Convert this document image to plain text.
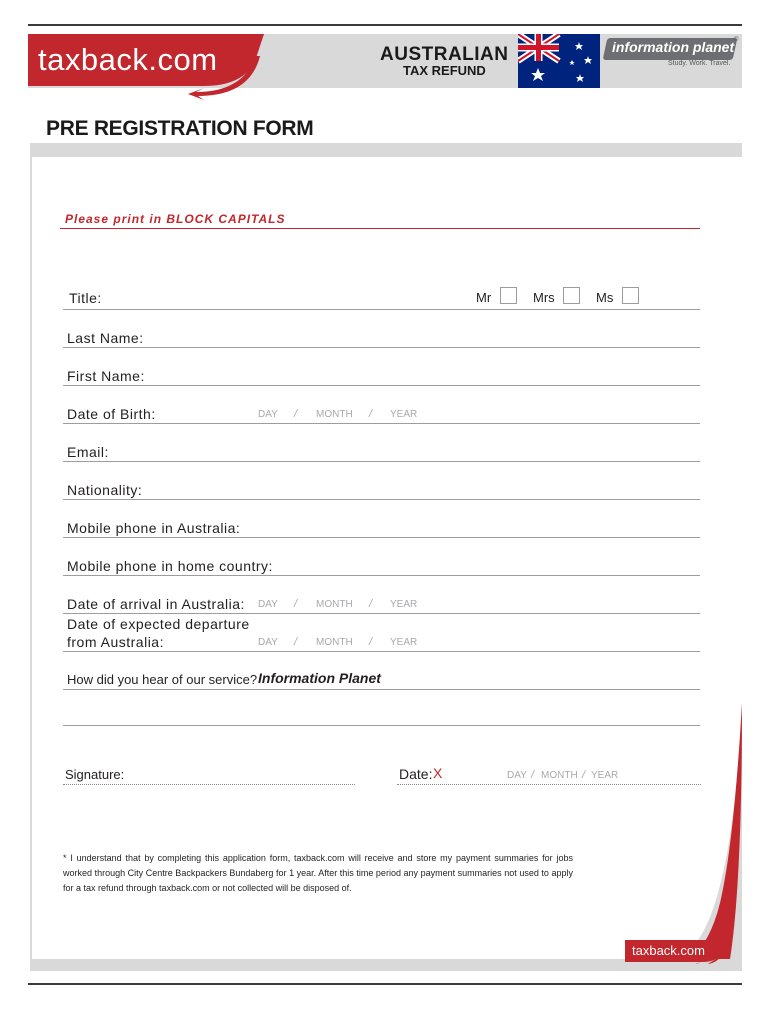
taxback.com	AUSTRALIAN
TAX REFUND
information planet
Study. Work. Travel.
®
PRE REGISTRATION FORM
Please print in BLOCK CAPITALS
Title:	Mr	Mrs	Ms
Last Name:
First Name:
Date of Birth:	DAY / MONTH / YEAR
Email:
Nationality:
Mobile phone in Australia:
Mobile phone in home country:
Date of arrival in Australia: DAY / MONTH / YEAR
Date of expected departure
from Australia:	DAY / MONTH / YEAR
How did you hear of our service? Information Planet
Signature:	Date: X	DAY / MONTH / YEAR
* I understand that by completing this application form, taxback.com will receive and store my payment summaries for jobs worked through City Centre Backpackers Bundaberg for 1 year. After this time period any payment summaries not used to apply for a tax refund through taxback.com or not collected will be disposed of.
taxback.com
